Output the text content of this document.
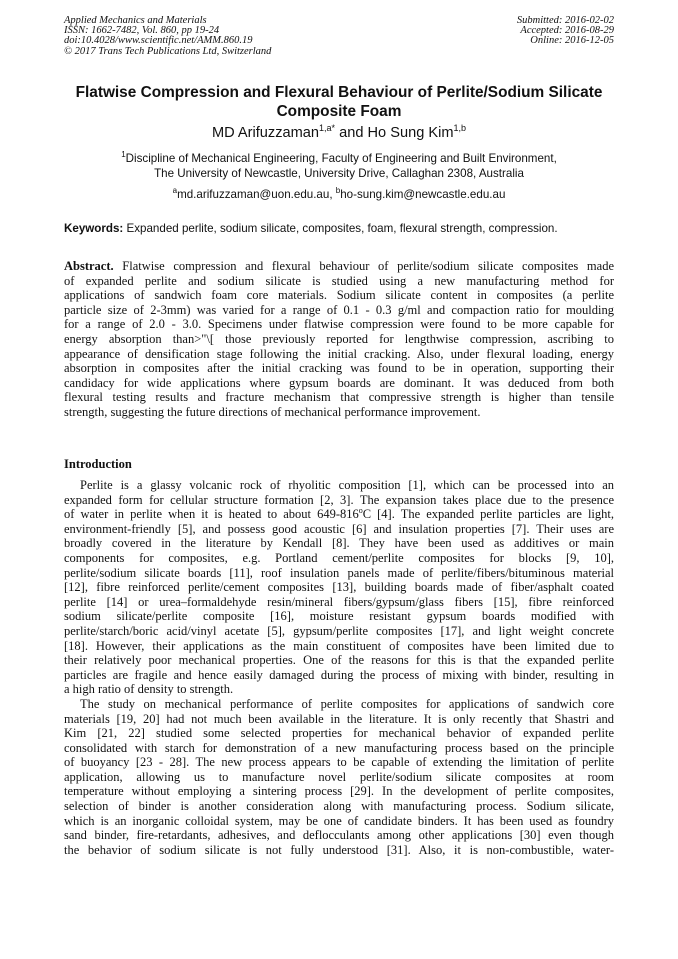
Applied Mechanics and Materials
ISSN: 1662-7482, Vol. 860, pp 19-24
doi:10.4028/www.scientific.net/AMM.860.19
© 2017 Trans Tech Publications Ltd, Switzerland
Submitted: 2016-02-02
Accepted: 2016-08-29
Online: 2016-12-05
Flatwise Compression and Flexural Behaviour of Perlite/Sodium Silicate Composite Foam
MD Arifuzzaman$^{1,a*}$ and Ho Sung Kim$^{1,b}$
$^1$Discipline of Mechanical Engineering, Faculty of Engineering and Built Environment,
The University of Newcastle, University Drive, Callaghan 2308, Australia
$^a$md.arifuzzaman@uon.edu.au, $^b$ho-sung.kim@newcastle.edu.au
Keywords: Expanded perlite, sodium silicate, composites, foam, flexural strength, compression.
Abstract. Flatwise compression and flexural behaviour of perlite/sodium silicate composites made
of expanded perlite and sodium silicate is studied using a new manufacturing method for
applications of sandwich foam core materials. Sodium silicate content in composites (a perlite
particle size of 2-3mm) was varied for a range of 0.1 - 0.3 g/ml and compaction ratio for moulding
for a range of 2.0 - 3.0. Specimens under flatwise compression were found to be more capable for
energy absorption than>"\[ those previously reported for lengthwise compression, ascribing to
appearance of densification stage following the initial cracking. Also, under flexural loading, energy
absorption in composites after the initial cracking was found to be in operation, supporting their
candidacy for wide applications where gypsum boards are dominant. It was deduced from both
flexural testing results and fracture mechanism that compressive strength is higher than tensile
strength, suggesting the future directions of mechanical performance improvement.
Introduction
Perlite is a glassy volcanic rock of rhyolitic composition [1], which can be processed into an
expanded form for cellular structure formation [2, 3]. The expansion takes place due to the presence
of water in perlite when it is heated to about 649-816$^o$C [4]. The expanded perlite particles are light,
environment-friendly [5], and possess good acoustic [6] and insulation properties [7]. Their uses are
broadly covered in the literature by Kendall [8]. They have been used as additives or main
components for composites, e.g. Portland cement/perlite composites for blocks [9, 10],
perlite/sodium silicate boards [11], roof insulation panels made of perlite/fibers/bituminous material
[12], fibre reinforced perlite/cement composites [13], building boards made of fiber/asphalt coated
perlite [14] or urea–formaldehyde resin/mineral fibers/gypsum/glass fibers [15], fibre reinforced
sodium silicate/perlite composite [16], moisture resistant gypsum boards modified with
perlite/starch/boric acid/vinyl acetate [5], gypsum/perlite composites [17], and light weight concrete
[18]. However, their applications as the main constituent of composites have been limited due to
their relatively poor mechanical properties. One of the reasons for this is that the expanded perlite
particles are fragile and hence easily damaged during the process of mixing with binder, resulting in
a high ratio of density to strength.
The study on mechanical performance of perlite composites for applications of sandwich core
materials [19, 20] had not much been available in the literature. It is only recently that Shastri and
Kim [21, 22] studied some selected properties for mechanical behavior of expanded perlite
consolidated with starch for demonstration of a new manufacturing process based on the principle
of buoyancy [23 - 28]. The new process appears to be capable of extending the limitation of perlite
application, allowing us to manufacture novel perlite/sodium silicate composites at room
temperature without employing a sintering process [29]. In the development of perlite composites,
selection of binder is another consideration along with manufacturing process. Sodium silicate,
which is an inorganic colloidal system, may be one of candidate binders. It has been used as foundry
sand binder, fire-retardants, adhesives, and deflocculants among other applications [30] even though
the behavior of sodium silicate is not fully understood [31]. Also, it is non-combustible, water-
